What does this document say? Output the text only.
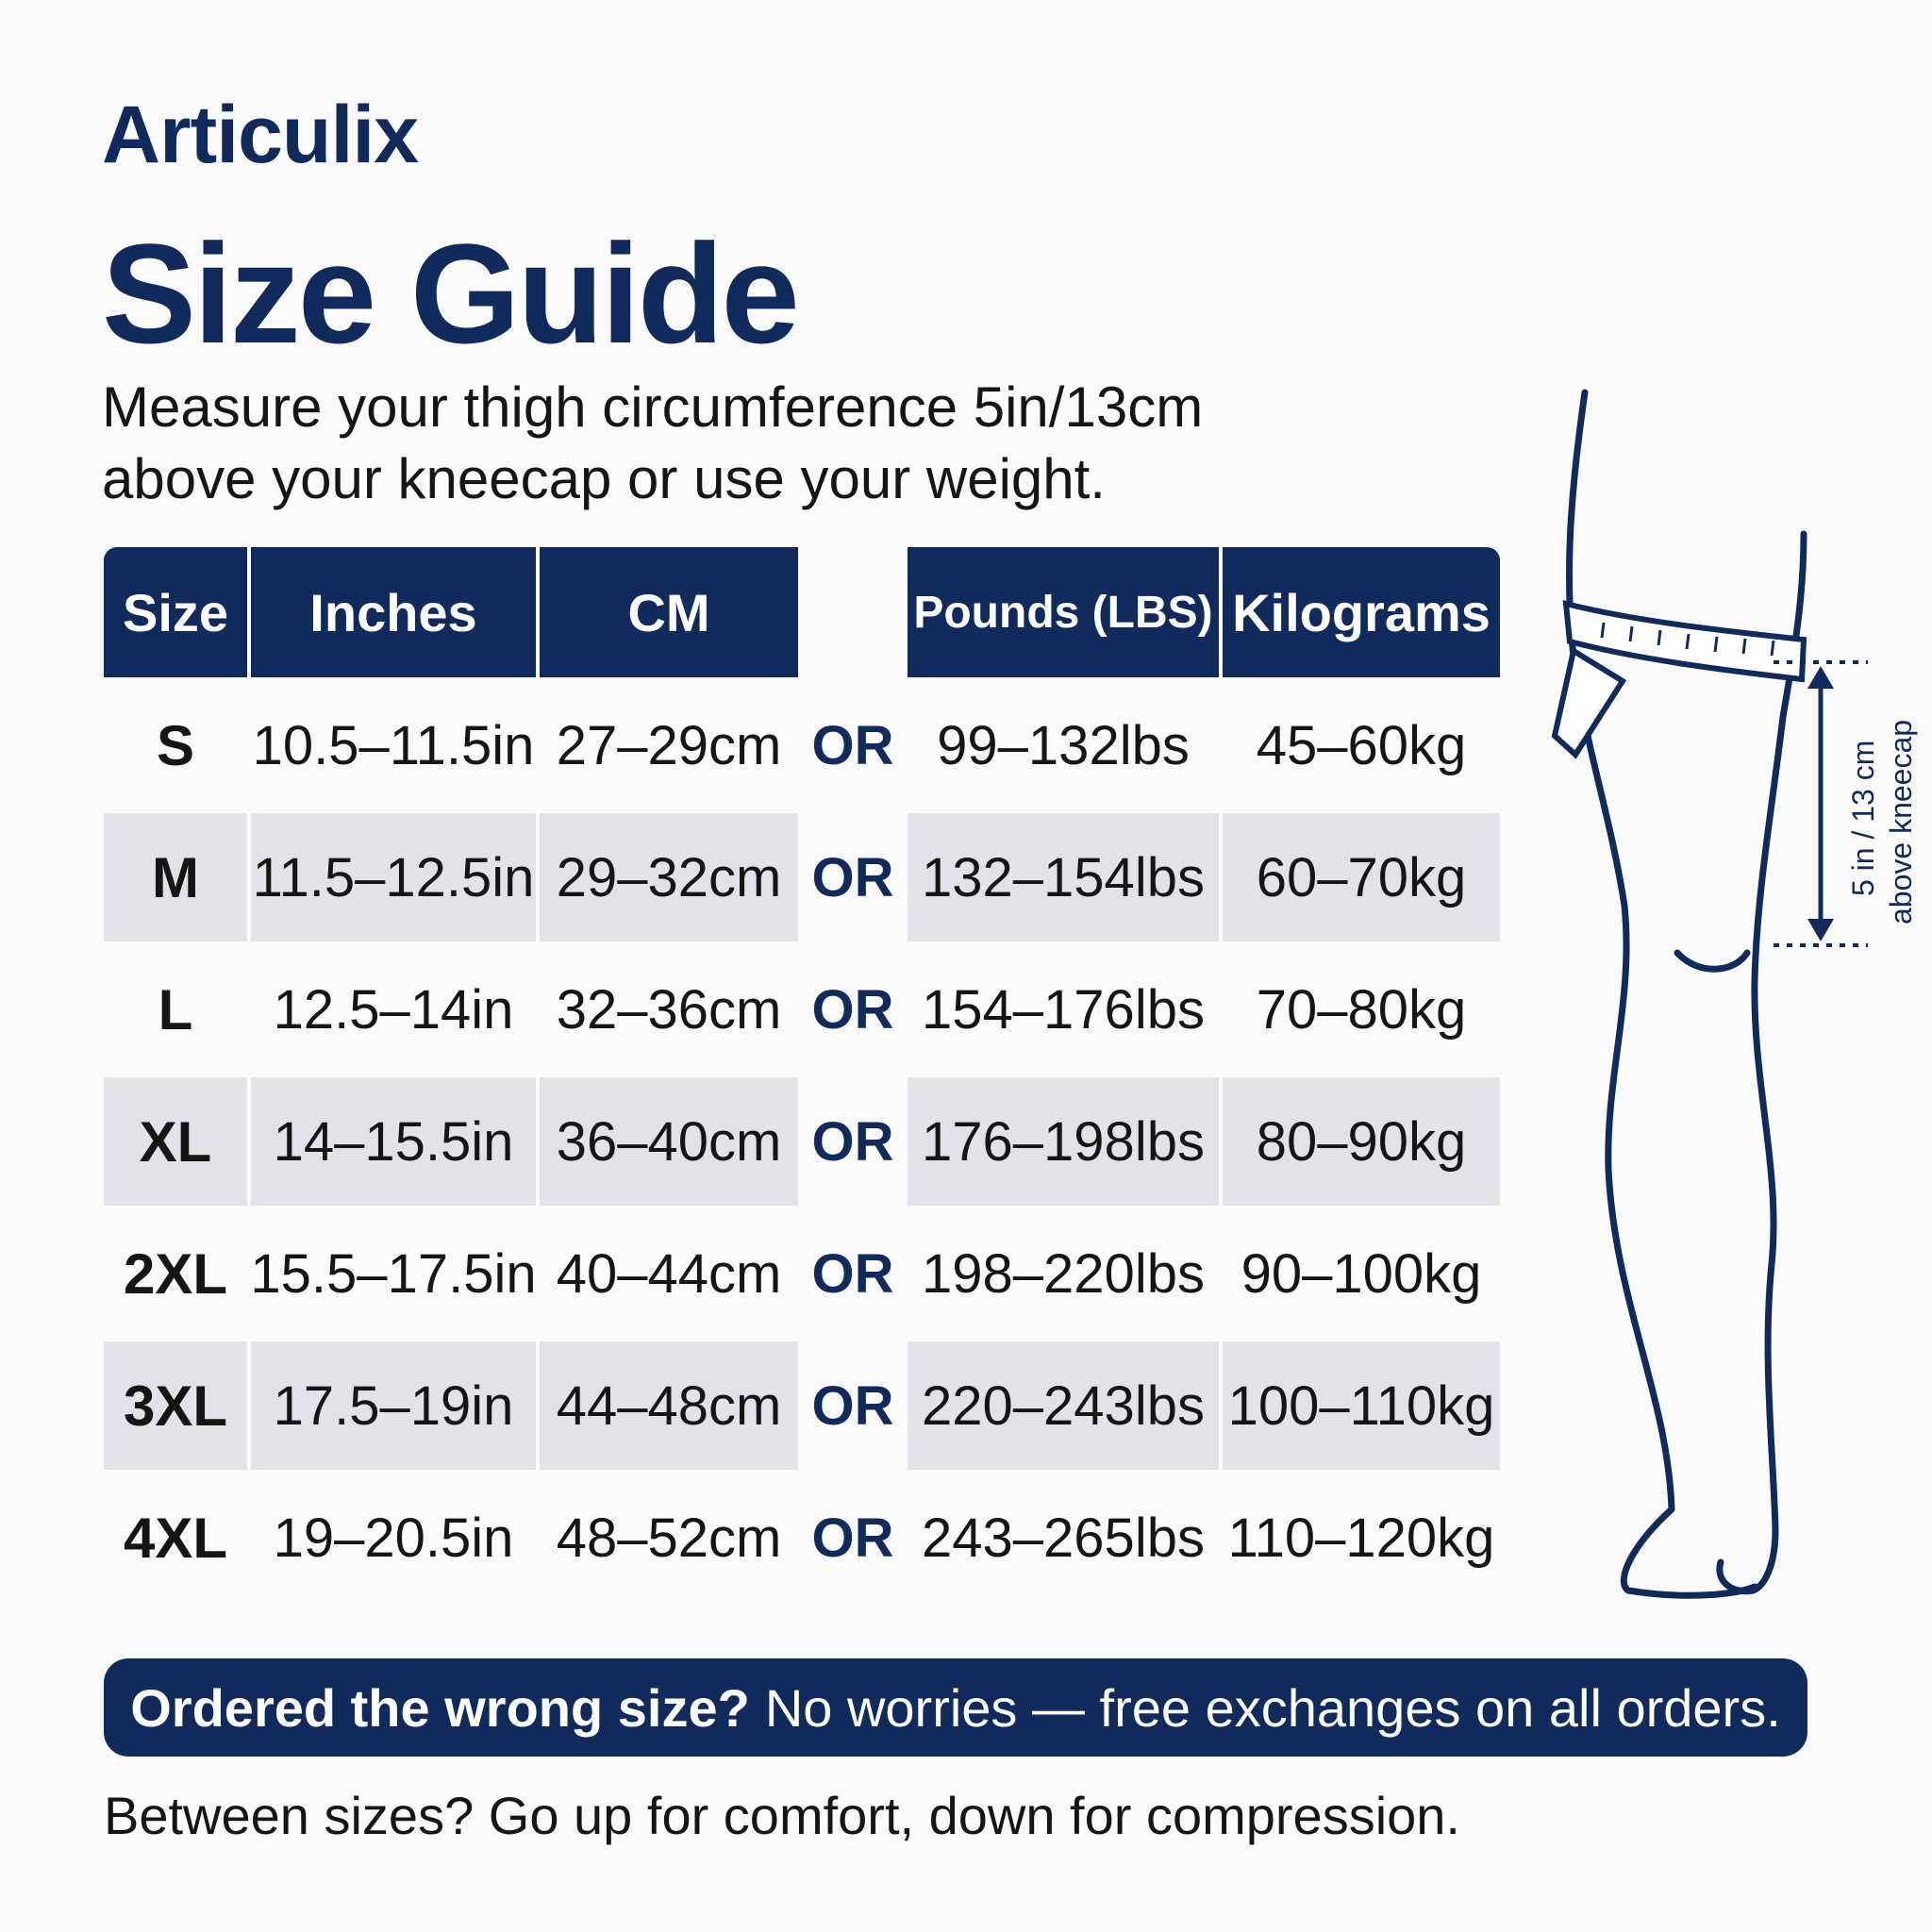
Articulix
Size Guide
Measure your thigh circumference 5in/13cm
above your kneecap or use your weight.
Size	Inches	CM	Pounds (LBS) Kilograms
S	10.5–11.5in 27–29cm OR 99–132lbs	45–60kg
M 11.5–12.5in 29–32cm OR 132–154lbs 60–70kg
L	12.5–14in 32–36cm OR 154–176lbs 70–80kg
XL	14–15.5in 36–40cm OR 176–198lbs 80–90kg
2XL 15.5–17.5in 40–44cm OR 198–220lbs 90–100kg
3XL 17.5–19in 44–48cm OR 220–243lbs 100–110kg
4XL 19–20.5in 48–52cm OR 243–265lbs 110–120kg
5 in / 13 cm above kneecap
Ordered the wrong size? No worries — free exchanges on all orders.
Between sizes? Go up for comfort, down for compression.
